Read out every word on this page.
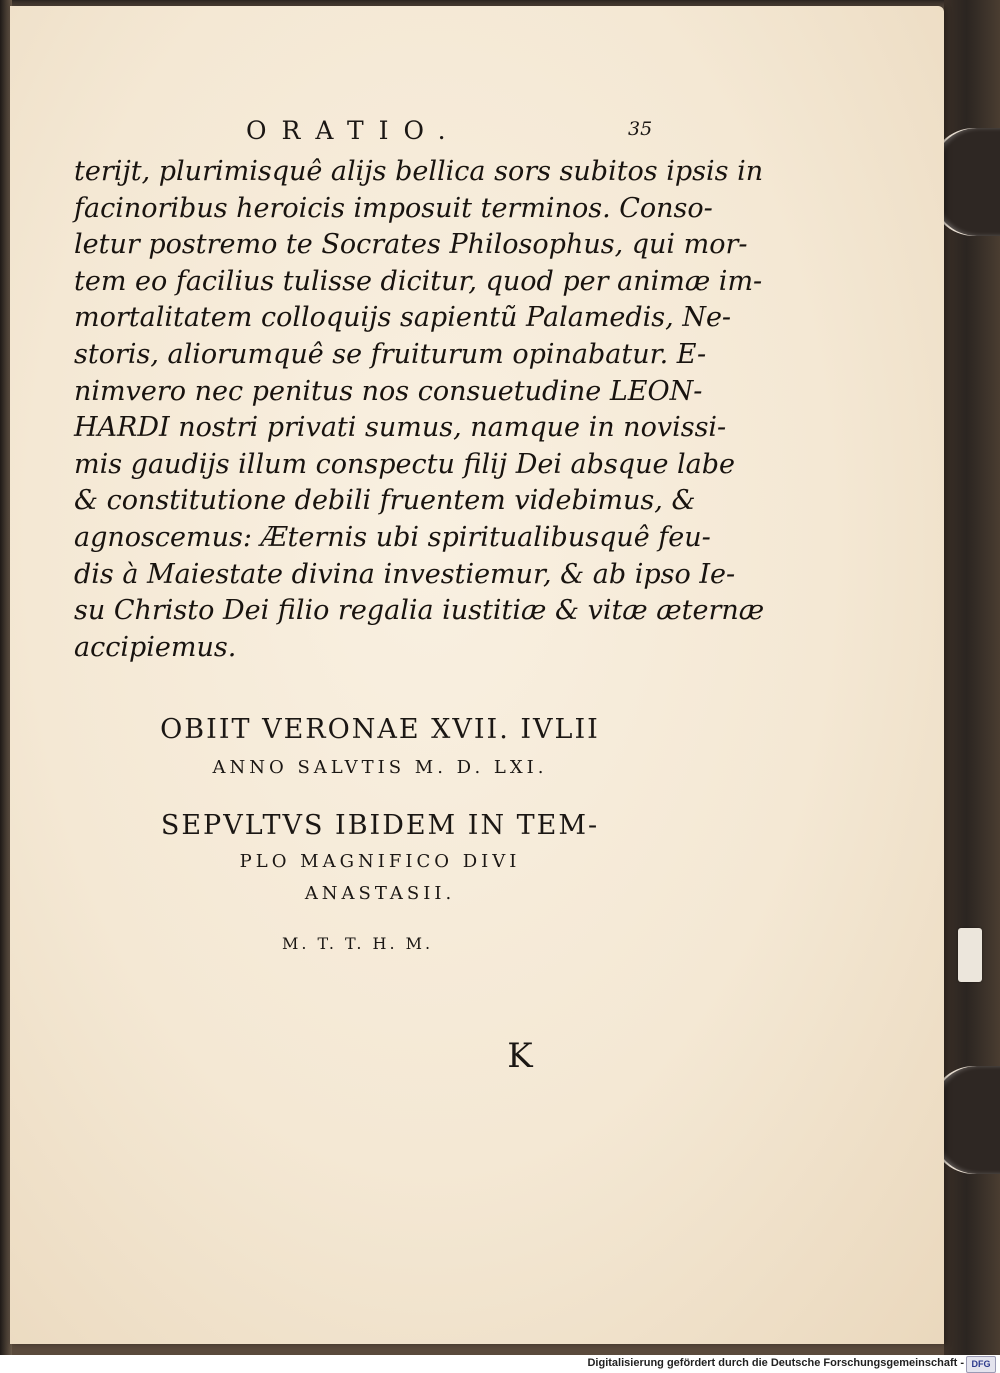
ORATIO.	35
terijt, plurimisquê alijs bellica sors subitos ipsis in
facinoribus heroicis imposuit terminos. Conso-
letur postremo te Socrates Philosophus, qui mor-
tem eo facilius tulisse dicitur, quod per animæ im-
mortalitatem colloquijs sapientũ Palamedis, Ne-
storis, aliorumquê se fruiturum opinabatur. E-
nimvero nec penitus nos consuetudine LEON-
HARDI nostri privati sumus, namque in novissi-
mis gaudijs illum conspectu filij Dei absque labe
& constitutione debili fruentem videbimus, &
agnoscemus: Æternis ubi spiritualibusquê feu-
dis à Maiestate divina investiemur, & ab ipso Ie-
su Christo Dei filio regalia iustitiæ & vitæ æternæ
accipiemus.
OBIIT VERONAE XVII. IVLII
ANNO SALVTIS M. D. LXI.
SEPVLTVS IBIDEM IN TEM-
PLO MAGNIFICO DIVI
ANASTASII.
M. T. T. H. M.
K
Digitalisierung gefördert durch die Deutsche Forschungsgemeinschaft - DFG
